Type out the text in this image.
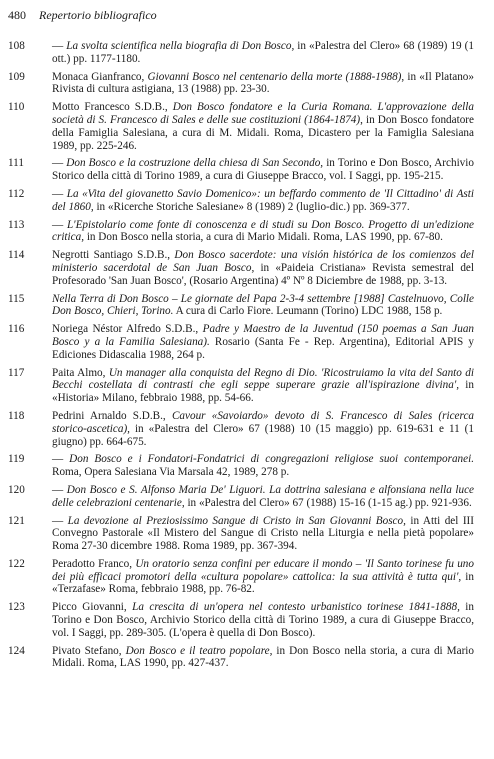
480 Repertorio bibliografico
108 — La svolta scientifica nella biografia di Don Bosco, in «Palestra del Clero» 68 (1989) 19 (1 ott.) pp. 1177-1180.
109 Monaca Gianfranco, Giovanni Bosco nel centenario della morte (1888-1988), in «Il Platano» Rivista di cultura astigiana, 13 (1988) pp. 23-30.
110 Motto Francesco S.D.B., Don Bosco fondatore e la Curia Romana. L'approvazione della società di S. Francesco di Sales e delle sue costituzioni (1864-1874), in Don Bosco fondatore della Famiglia Salesiana, a cura di M. Midali. Roma, Dicastero per la Famiglia Salesiana 1989, pp. 225-246.
111	— Don Bosco e la costruzione della chiesa di San Secondo, in Torino e Don Bosco, Archivio Storico della città di Torino 1989, a cura di Giuseppe Bracco, vol. I Saggi, pp. 195-215.
112 — La «Vita del giovanetto Savio Domenico»: un beffardo commento de 'Il Cittadino' di Asti del 1860, in «Ricerche Storiche Salesiane» 8 (1989) 2 (luglio-dic.) pp. 369-377.
113 — L'Epistolario come fonte di conoscenza e di studi su Don Bosco. Progetto di un'edizione critica, in Don Bosco nella storia, a cura di Mario Midali. Roma, LAS 1990, pp. 67-80.
114 Negrotti Santiago S.D.B., Don Bosco sacerdote: una visión histórica de los comienzos del ministerio sacerdotal de San Juan Bosco, in «Paideia Cristiana» Revista semestral del Profesorado 'San Juan Bosco', (Rosario Argentina) 4º Nº 8 Diciembre de 1988, pp. 3-13.
115 Nella Terra di Don Bosco – Le giornate del Papa 2-3-4 settembre [1988] Castelnuovo, Colle Don Bosco, Chieri, Torino. A cura di Carlo Fiore. Leumann (Torino) LDC 1988, 158 p.
116 Noriega Néstor Alfredo S.D.B., Padre y Maestro de la Juventud (150 poemas a San Juan Bosco y a la Familia Salesiana). Rosario (Santa Fe - Rep. Argentina), Editorial APIS y Ediciones Didascalia 1988, 264 p.
117 Paita Almo, Un manager alla conquista del Regno di Dio. 'Ricostruiamo la vita del Santo di Becchi costellata di contrasti che egli seppe superare grazie all'ispirazione divina', in «Historia» Milano, febbraio 1988, pp. 54-66.
118 Pedrini Arnaldo S.D.B., Cavour «Savoiardo» devoto di S. Francesco di Sales (ricerca storico-ascetica), in «Palestra del Clero» 67 (1988) 10 (15 maggio) pp. 619-631 e 11 (1 giugno) pp. 664-675.
119 — Don Bosco e i Fondatori-Fondatrici di congregazioni religiose suoi contemporanei. Roma, Opera Salesiana Via Marsala 42, 1989, 278 p.
120 — Don Bosco e S. Alfonso Maria De' Liguori. La dottrina salesiana e alfonsiana nella luce delle celebrazioni centenarie, in «Palestra del Clero» 67 (1988) 15-16 (1-15 ag.) pp. 921-936.
121 — La devozione al Preziosissimo Sangue di Cristo in San Giovanni Bosco, in Atti del III Convegno Pastorale «Il Mistero del Sangue di Cristo nella Liturgia e nella pietà popolare» Roma 27-30 dicembre 1988. Roma 1989, pp. 367-394.
122 Peradotto Franco, Un oratorio senza confini per educare il mondo – 'Il Santo torinese fu uno dei più efficaci promotori della «cultura popolare» cattolica: la sua attività è tutta qui', in «Terzafase» Roma, febbraio 1988, pp. 76-82.
123 Picco Giovanni, La crescita di un'opera nel contesto urbanistico torinese 1841-1888, in Torino e Don Bosco, Archivio Storico della città di Torino 1989, a cura di Giuseppe Bracco, vol. I Saggi, pp. 289-305. (L'opera è quella di Don Bosco).
124 Pivato Stefano, Don Bosco e il teatro popolare, in Don Bosco nella storia, a cura di Mario Midali. Roma, LAS 1990, pp. 427-437.
